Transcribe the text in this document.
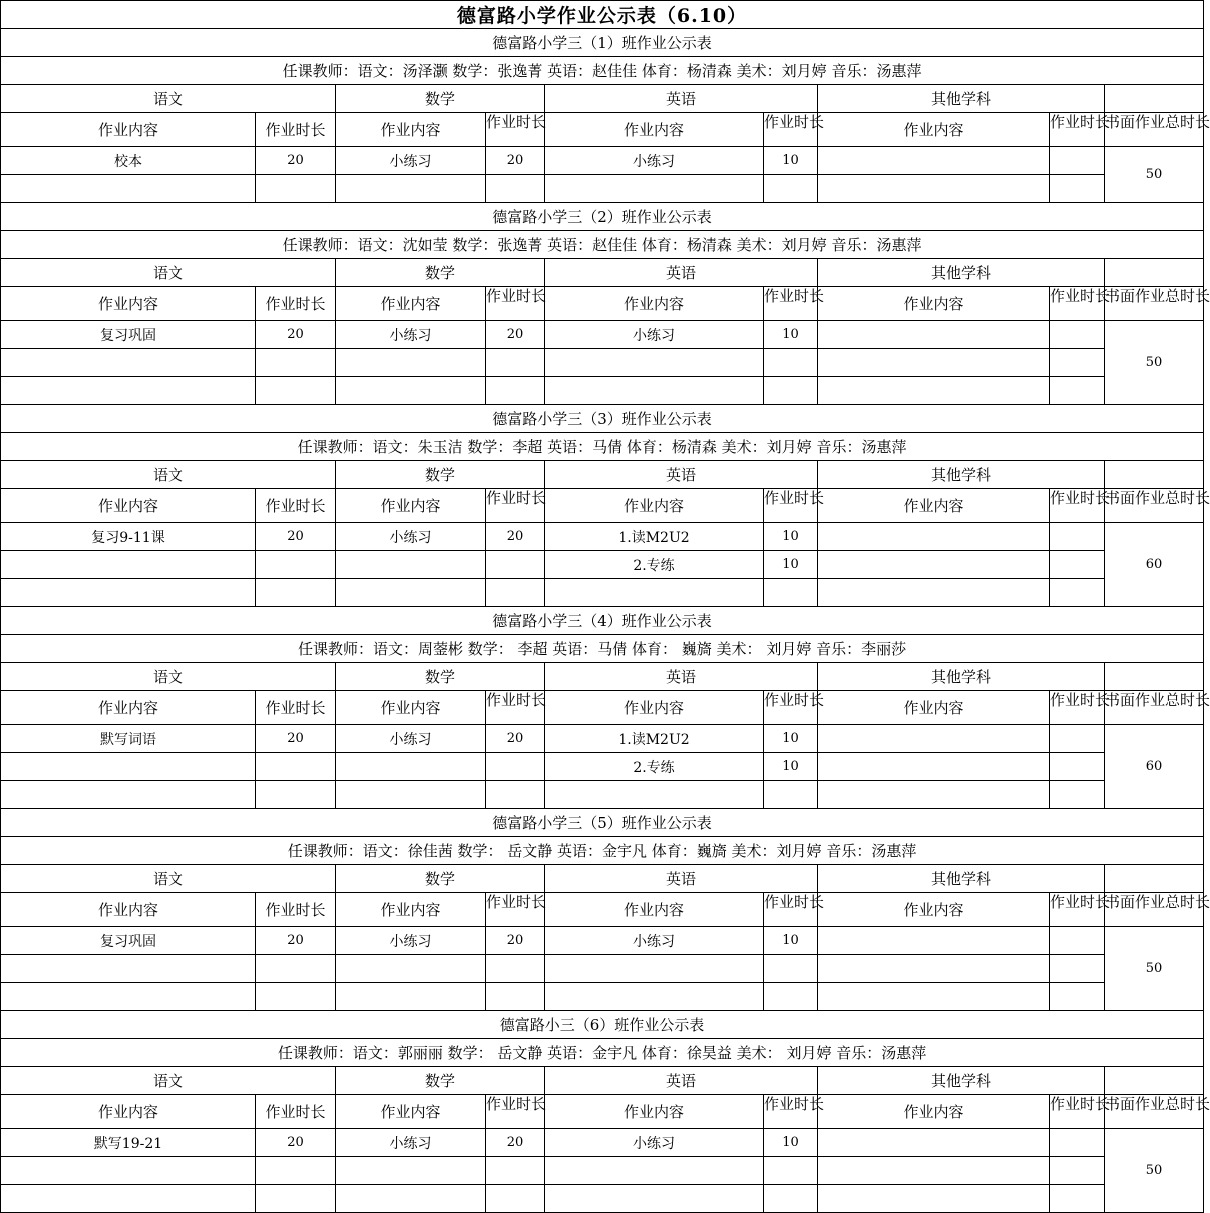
德富路小学作业公示表（6.10）								
德富路小学三（1）班作业公示表								
任课教师：语文：汤泽灏 数学：张逸菁 英语：赵佳佳 体育：杨清森 美术：刘月婷 音乐：汤惠萍								
语文		数学		英语		其他学科		
作业内容	作业时长	作业内容	作业时长	作业内容	作业时长	作业内容	作业时长	书面作业总时长

校本	20	小练习	20	小练习	10			50

德富路小学三（2）班作业公示表								
任课教师：语文：沈如莹 数学：张逸菁 英语：赵佳佳 体育：杨清森 美术：刘月婷 音乐：汤惠萍								
语文		数学		英语		其他学科		
作业内容	作业时长	作业内容	作业时长	作业内容	作业时长	作业内容	作业时长	书面作业总时长

复习巩固	20	小练习	20	小练习	10			50

德富路小学三（3）班作业公示表								
任课教师：语文：朱玉洁 数学：李超 英语：马倩 体育：杨清森 美术：刘月婷 音乐：汤惠萍								
语文		数学		英语		其他学科		
作业内容	作业时长	作业内容	作业时长	作业内容	作业时长	作业内容	作业时长	书面作业总时长

复习9-11课	20	小练习	20	1.读M2U2	10			60
				2.专练	10			

德富路小学三（4）班作业公示表								
任课教师：语文：周蓥彬 数学： 李超 英语：马倩 体育： 巍旖 美术： 刘月婷 音乐：李丽莎								
语文		数学		英语		其他学科		
作业内容	作业时长	作业内容	作业时长	作业内容	作业时长	作业内容	作业时长	书面作业总时长

默写词语	20	小练习	20	1.读M2U2	10			60
				2.专练	10			

德富路小学三（5）班作业公示表								
任课教师：语文：徐佳茜 数学： 岳文静 英语：金宇凡 体育：巍旖 美术：刘月婷 音乐：汤惠萍								
语文		数学		英语		其他学科		
作业内容	作业时长	作业内容	作业时长	作业内容	作业时长	作业内容	作业时长	书面作业总时长

复习巩固	20	小练习	20	小练习	10			50

德富路小三（6）班作业公示表								
任课教师：语文：郭丽丽 数学： 岳文静 英语：金宇凡 体育：徐昊益 美术： 刘月婷 音乐：汤惠萍								
语文		数学		英语		其他学科		
作业内容	作业时长	作业内容	作业时长	作业内容	作业时长	作业内容	作业时长	书面作业总时长

默写19-21	20	小练习	20	小练习	10			50
